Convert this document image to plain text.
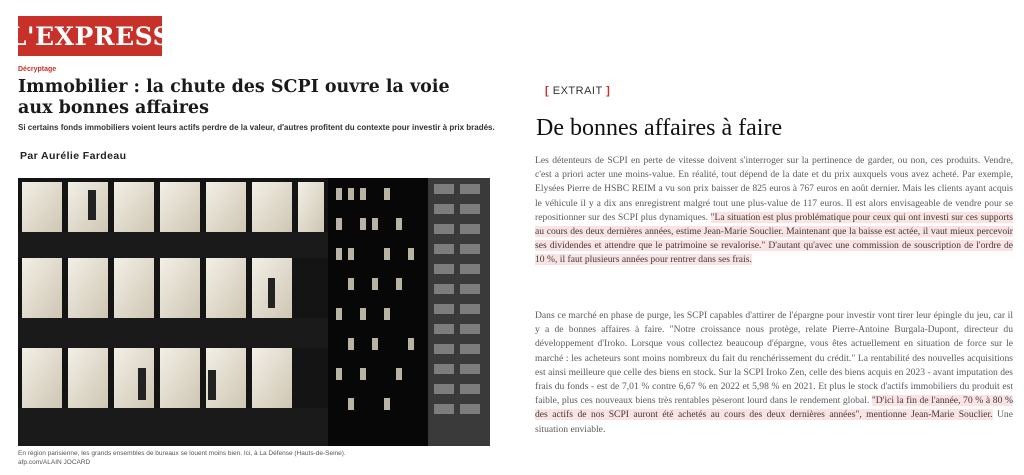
L'EXPRESS
Décryptage
Immobilier : la chute des SCPI ouvre la voie aux bonnes affaires
Si certains fonds immobiliers voient leurs actifs perdre de la valeur, d'autres profitent du contexte pour investir à prix bradés.
Par Aurélie Fardeau
En région parisienne, les grands ensembles de bureaux se louent moins bien. Ici, à La Défense (Hauts-de-Seine).
afp.com/ALAIN JOCARD
[ EXTRAIT ]
De bonnes affaires à faire

Les détenteurs de SCPI en perte de vitesse doivent s'interroger sur la pertinence de garder, ou non, ces produits. Vendre, c'est a priori acter une moins-value. En réalité, tout dépend de la date et du prix auxquels vous avez acheté. Par exemple, Elysées Pierre de HSBC REIM a vu son prix baisser de 825 euros à 767 euros en août dernier. Mais les clients ayant acquis le véhicule il y a dix ans enregistrent malgré tout une plus-value de 117 euros. Il est alors envisageable de vendre pour se repositionner sur des SCPI plus dynamiques. "La situation est plus problématique pour ceux qui ont investi sur ces supports au cours des deux dernières années, estime Jean-Marie Souclier. Maintenant que la baisse est actée, il vaut mieux percevoir ses dividendes et attendre que le patrimoine se revalorise." D'autant qu'avec une commission de souscription de l'ordre de 10 %, il faut plusieurs années pour rentrer dans ses frais.

Dans ce marché en phase de purge, les SCPI capables d'attirer de l'épargne pour investir vont tirer leur épingle du jeu, car il y a de bonnes affaires à faire. "Notre croissance nous protège, relate Pierre-Antoine Burgala-Dupont, directeur du développement d'Iroko. Lorsque vous collectez beaucoup d'épargne, vous êtes actuellement en situation de force sur le marché : les acheteurs sont moins nombreux du fait du renchérissement du crédit." La rentabilité des nouvelles acquisitions est ainsi meilleure que celle des biens en stock. Sur la SCPI Iroko Zen, celle des biens acquis en 2023 - avant imputation des frais du fonds - est de 7,01 % contre 6,67 % en 2022 et 5,98 % en 2021. Et plus le stock d'actifs immobiliers du produit est faible, plus ces nouveaux biens très rentables pèseront lourd dans le rendement global. "D'ici la fin de l'année, 70 % à 80 % des actifs de nos SCPI auront été achetés au cours des deux dernières années", mentionne Jean-Marie Souclier. Une situation enviable.
